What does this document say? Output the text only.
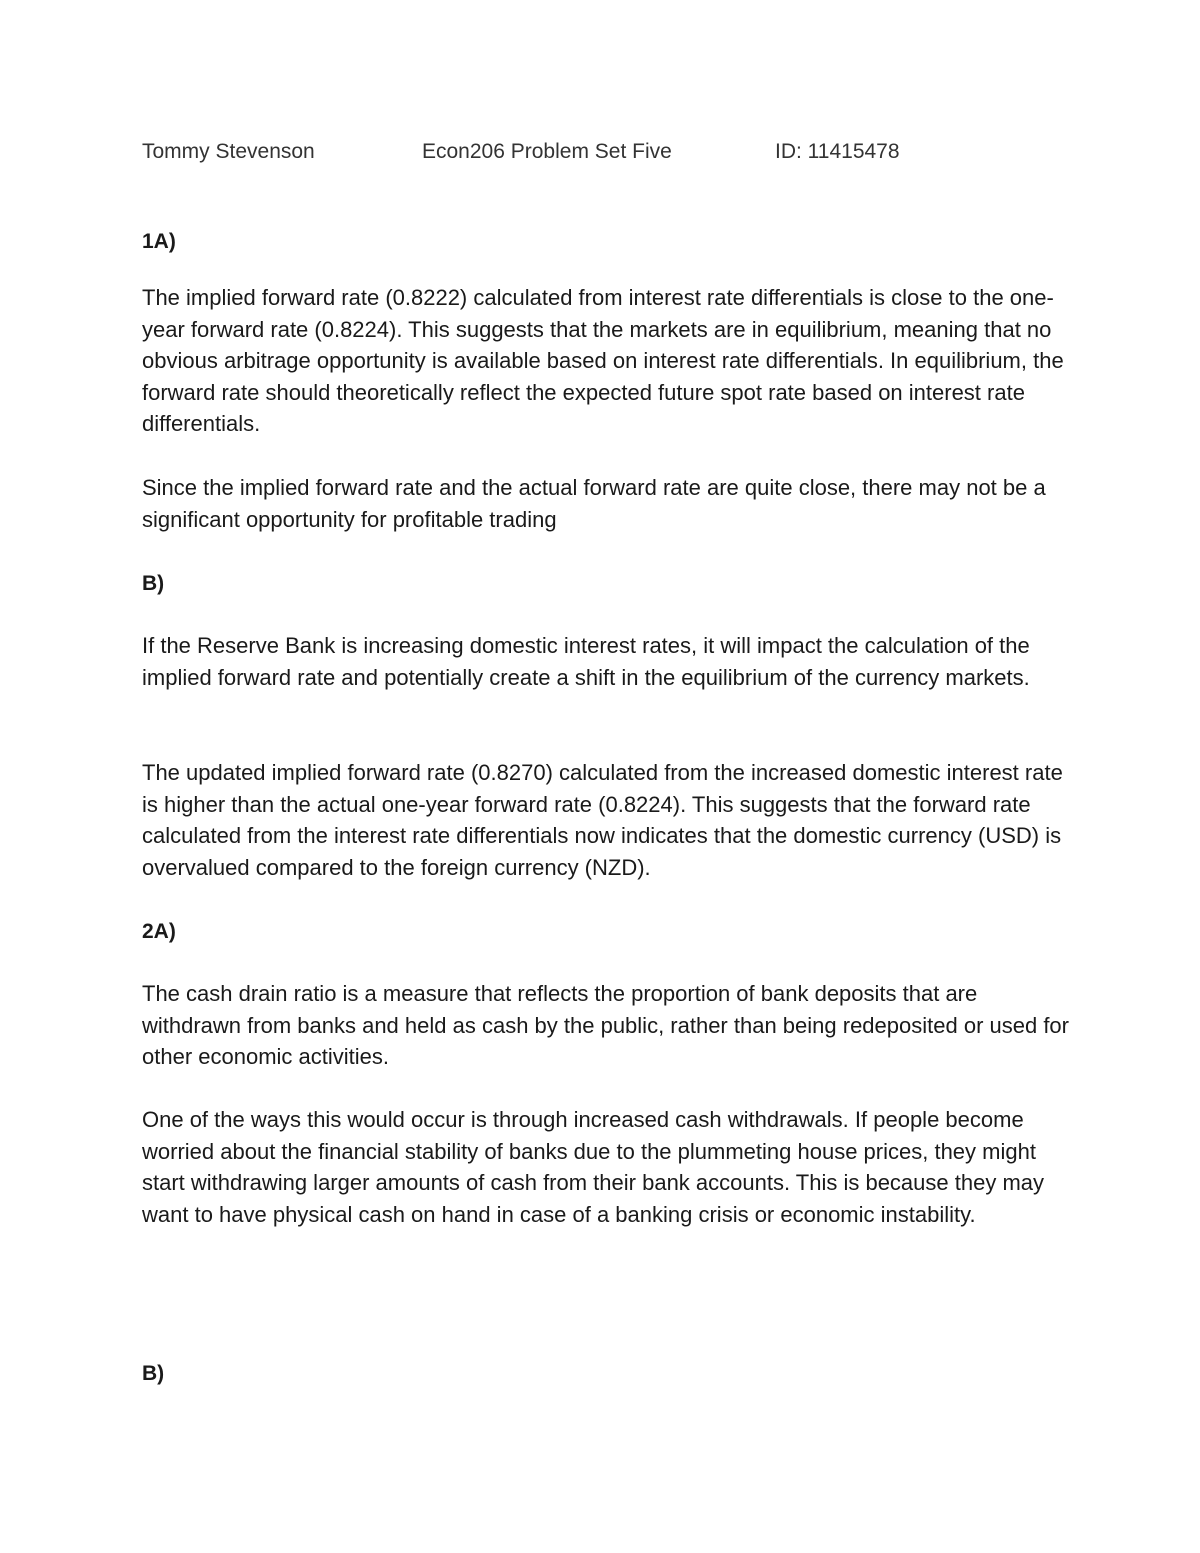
Tommy Stevenson	Econ206 Problem Set Five	ID: 11415478
1A)

The implied forward rate (0.8222) calculated from interest rate differentials is close to the one-year forward rate (0.8224). This suggests that the markets are in equilibrium, meaning that no obvious arbitrage opportunity is available based on interest rate differentials. In equilibrium, the forward rate should theoretically reflect the expected future spot rate based on interest rate differentials.

Since the implied forward rate and the actual forward rate are quite close, there may not be a significant opportunity for profitable trading

B)

If the Reserve Bank is increasing domestic interest rates, it will impact the calculation of the implied forward rate and potentially create a shift in the equilibrium of the currency markets.

The updated implied forward rate (0.8270) calculated from the increased domestic interest rate is higher than the actual one-year forward rate (0.8224). This suggests that the forward rate calculated from the interest rate differentials now indicates that the domestic currency (USD) is overvalued compared to the foreign currency (NZD).

2A)

The cash drain ratio is a measure that reflects the proportion of bank deposits that are withdrawn from banks and held as cash by the public, rather than being redeposited or used for other economic activities.

One of the ways this would occur is through increased cash withdrawals. If people become worried about the financial stability of banks due to the plummeting house prices, they might start withdrawing larger amounts of cash from their bank accounts. This is because they may want to have physical cash on hand in case of a banking crisis or economic instability.

B)
